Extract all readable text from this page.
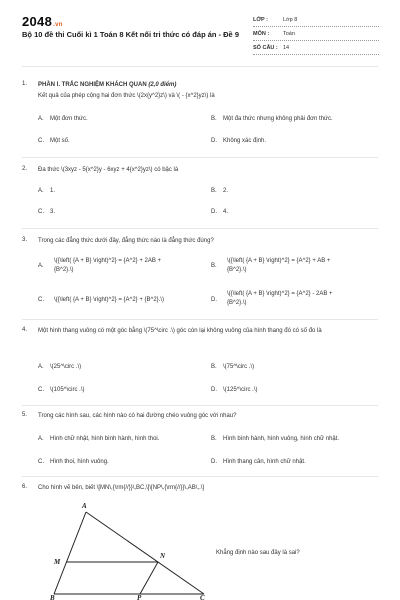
2048.vn
Bộ 10 đề thi Cuối kì 1 Toán 8 Kết nối tri thức có đáp án - Đề 9
LỚP :	Lớp 8
MÔN :	Toán
SỐ CÂU : 14
1. PHẦN I. TRẮC NGHIỆM KHÁCH QUAN (2,0 điểm)
Kết quả của phép cộng hai đơn thức \(2x{y^2}z\) và \( - {x^2}yz\) là
A. Một đơn thức.	B. Một đa thức nhưng không phải đơn thức.
C. Một số.	D. Không xác định.
2. Đa thức \(3xyz - 5{x^2}y - 6xyz + 4{x^2}yz\) có bậc là
A. 1.	B. 2.
C. 3.	D. 4.
3. Trong các đẳng thức dưới đây, đẳng thức nào là đẳng thức đúng?
A.
\({\left( {A + B} \right)^2} = {A^2} + 2AB +
{B^2}.\)
B.
\({\left( {A + B} \right)^2} = {A^2} + AB +
{B^2}.\)
C. \({\left( {A + B} \right)^2} = {A^2} + {B^2}.\)	D.
\({\left( {A + B} \right)^2} = {A^2} - 2AB +
{B^2}.\)
4. Một hình thang vuông có một góc bằng \(75^\circ .\) góc còn lại không vuông của hình thang đó có số đo là
A. \(25^\circ .\)	B. \(75^\circ .\)
C. \(105^\circ .\)	D. \(125^\circ .\)
5. Trong các hình sau, các hình nào có hai đường chéo vuông góc với nhau?
A. Hình chữ nhật, hình bình hành, hình thoi.	B. Hình bình hành, hình vuông, hình chữ nhật.
C. Hình thoi, hình vuông.	D. Hình thang cân, hình chữ nhật.
6. Cho hình vẽ bên, biết \[MN\,{\rm{//}}\,BC,\]\[NP\,{\rm{//}}\,AB\,.\]
A
M
N
B	P	C
Khẳng định nào sau đây là sai?
